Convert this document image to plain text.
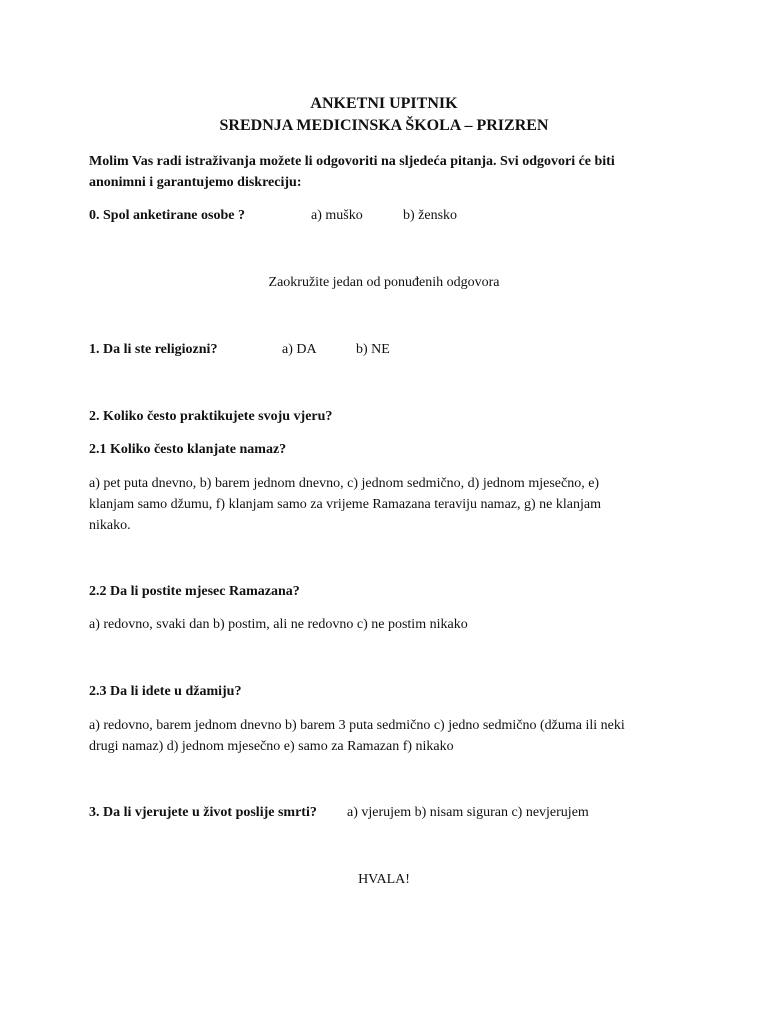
ANKETNI UPITNIK
SREDNJA MEDICINSKA ŠKOLA – PRIZREN
Molim Vas radi istraživanja možete li odgovoriti na sljedeća pitanja. Svi odgovori će biti
anonimni i garantujemo diskreciju:
0. Spol anketirane osobe ?	a) muško	b) žensko
Zaokružite jedan od ponuđenih odgovora
1. Da li ste religiozni?	a) DA	b) NE
2. Koliko često praktikujete svoju vjeru?
2.1 Koliko često klanjate namaz?
a) pet puta dnevno, b) barem jednom dnevno, c) jednom sedmično, d) jednom mjesečno, e)
klanjam samo džumu, f) klanjam samo za vrijeme Ramazana teraviju namaz, g) ne klanjam
nikako.
2.2 Da li postite mjesec Ramazana?
a) redovno, svaki dan b) postim, ali ne redovno c) ne postim nikako
2.3 Da li idete u džamiju?
a) redovno, barem jednom dnevno b) barem 3 puta sedmično c) jedno sedmično (džuma ili neki
drugi namaz) d) jednom mjesečno e) samo za Ramazan f) nikako
3. Da li vjerujete u život poslije smrti? a) vjerujem b) nisam siguran c) nevjerujem
HVALA!
